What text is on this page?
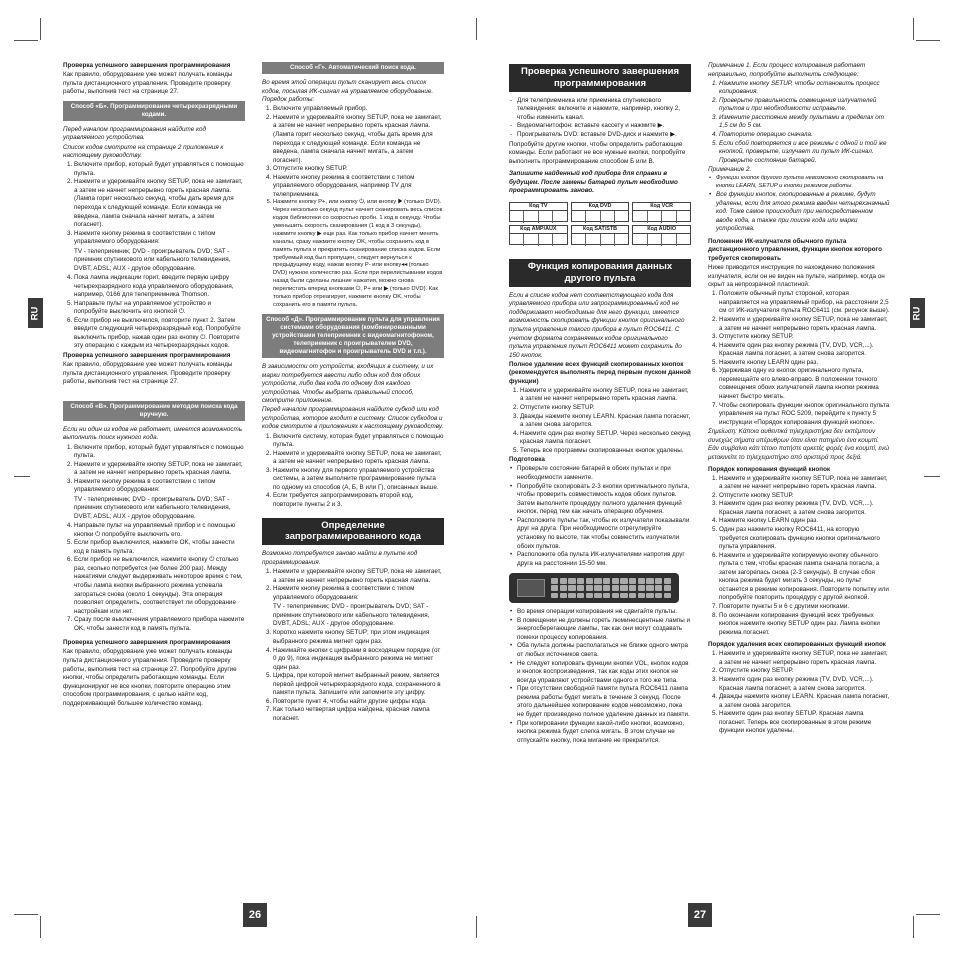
RU	RU
26	27

Проверка успешного завершения программирования

Как правило, оборудование уже может получать команды пульта дистанционного управления. Проведите проверку работы, выполнив тест на странице 27.

Способ «Б». Программирование четырехразрядными кодами.

Перед началом программирования найдите код управляемого устройства.

Список кодов смотрите на странице 2 приложения к настоящему руководству.

1. Включите прибор, который будет управляться с помощью пульта.
2. Нажмите и удерживайте кнопку SETUP, пока не замигает, а затем не начнет непрерывно гореть красная лампа. (Лампа горит несколько секунд, чтобы дать время для перехода к следующей команде. Если команда не введена, лампа сначала начнет мигать, а затем погаснет).
3. Нажмите кнопку режима в соответствии с типом управляемого оборудования:

TV - телеприемник; DVD - проигрыватель DVD; SAT - приемник спутникового или кабельного телевидения, DVBT, ADSL; AUX - другое оборудование.

4. Пока лампа индикации горит, введите первую цифру четырехразрядного кода управляемого оборудования, например, 0166 для телеприемника Thomson.
5. Направьте пульт на управляемое устройство и попробуйте выключить его кнопкой ⏻.
6. Если прибор не выключился, повторите пункт 2. Затем введите следующий четырехразрядный код. Попробуйте выключить прибор, нажав один раз кнопку ⏻. Повторите эту операцию с каждым из четырехразрядных кодов.

Проверка успешного завершения программирования

Как правило, оборудование уже может получать команды пульта дистанционного управления. Проведите проверку работы, выполнив тест на странице 27.

Способ «В». Программирование методом поиска кода вручную.

Если ни один из кодов не работает, имеется возможность выполнить поиск нужного кода.

1. Включите прибор, который будет управляться с помощью пульта.
2. Нажмите и удерживайте кнопку SETUP, пока не замигает, а затем не начнет непрерывно гореть красная лампа.
3. Нажмите кнопку режима в соответствии с типом управляемого оборудования:

TV - телеприемник; DVD - проигрыватель DVD; SAT - приемник спутникового или кабельного телевидения, DVBT, ADSL; AUX - другое оборудование.

4. Направьте пульт на управляемый прибор и с помощью кнопки ⏻ попробуйте выключить его.
5. Если прибор выключился, нажмите OK, чтобы занести код в память пульта.
6. Если прибор не выключился, нажмите кнопку ⏻ столько раз, сколько потребуется (не более 200 раз). Между нажатиями следует выдерживать некоторое время с тем, чтобы лампа кнопки выбранного режима успевала загораться снова (около 1 секунды). Эта операция позволяет определить, соответствует ли оборудование настройкам или нет.
7. Сразу после выключения управляемого прибора нажмите OK, чтобы занести код в память пульта.

Проверка успешного завершения программирования

Как правило, оборудование уже может получать команды пульта дистанционного управления. Проведите проверку работы, выполнив тест на странице 27. Попробуйте другие кнопки, чтобы определить работающие команды. Если функционируют не все кнопки, повторите операцию этим способом программирования, с целью найти код, поддерживающий большее количество команд.

Способ «Г». Автоматический поиск кода.

Во время этой операции пульт сканирует весь список кодов, посылая ИК-сигнал на управляемое оборудование. Порядок работы:

1. Включите управляемый прибор.
2. Нажмите и удерживайте кнопку SETUP, пока не замигает, а затем не начнет непрерывно гореть красная лампа. (Лампа горит несколько секунд, чтобы дать время для перехода к следующей команде. Если команда не введена, лампа сначала начнет мигать, а затем погаснет).
3. Отпустите кнопку SETUP.
4. Нажмите кнопку режима в соответствии с типом управляемого оборудования, например TV для телеприемника.
5. Нажмите кнопку P+, или кнопку ⏻, или кнопку ▶ (только DVD). Через несколько секунд пульт начнет сканировать весь список кодов библиотеки со скоростью пробн. 1 код в секунду. Чтобы уменьшить скорость сканирования (1 код в 3 секунды), нажмите кнопку ▶ еще раз. Как только прибор начнет менять каналы, сразу нажмите кнопку OK, чтобы сохранить код в память пульта и прекратить сканирование списка кодов. Если требуемый код был пропущен, следует вернуться к предыдущему коду, нажав кнопку P- или кнопку◂◂ (только DVD) нужное количество раз. Если при перелистывании кодов назад были сделаны лишние нажатия, можно снова перелистать вперед кнопками ⏻, P+ или ▶ (только DVD). Как только прибор отреагирует, нажмите кнопку OK, чтобы сохранить его в памяти пульта.
Способ «Д». Программирование пульта для управления системами оборудования (комбинированными устройствами телеприемник с видеомагнитофоном, телеприемник с проигрывателем DVD, видеомагнитофон и проигрыватель DVD и т.п.).

В зависимости от устройств, входящих в систему, и их марки потребуется ввести либо один код для обоих устройств, либо два кода по одному для каждого устройства. Чтобы выбрать правильный способ, смотрите приложение.

Перед началом программирования найдите субкод или код устройства, которое входит в систему. Список субкодов и кодов смотрите в приложениях к настоящему руководству.

1. Включите систему, которая будет управляться с помощью пульта.
2. Нажмите и удерживайте кнопку SETUP, пока не замигает, а затем не начнет непрерывно гореть красная лампа.
3. Нажмите кнопку для первого управляемого устройства системы, а затем выполните программирование пульта по одному из способов (А, Б, В или Г), описанных выше.
4. Если требуется запрограммировать второй код, повторите пункты 2 и 3.
Определение запрограммированного кода

Возможно потребуется заново найти в пульте код программирования.

1. Нажмите и удерживайте кнопку SETUP, пока не замигает, а затем не начнет непрерывно гореть красная лампа.
2. Нажмите кнопку режима в соответствии с типом управляемого оборудования:

TV - телеприемник; DVD - проигрыватель DVD; SAT - приемник спутникового или кабельного телевидения, DVBT, ADSL; AUX - другое оборудование.

3. Коротко нажмите кнопку SETUP; при этом индикация выбранного режима мигнет один раз.
4. Нажимайте кнопки с цифрами в восходящем порядке (от 0 до 9), пока индикация выбранного режима не мигнет один раз.
5. Цифра, при которой мигнет выбранный режим, является первой цифрой четырехразрядного кода, сохраненного в памяти пульта. Запишите или запомните эту цифру.
6. Повторите пункт 4, чтобы найти другие цифры кода.
7. Как только четвертая цифра найдена, красная лампа погаснет.
Проверка успешного завершения программирования
- Для телеприемника или приемника спутникового телевидения: включите и нажмите, например, кнопку 2, чтобы изменить канал.
- Видеомагнитофон: вставьте кассету и нажмите ▶.
- Проигрыватель DVD: вставьте DVD-диск и нажмите ▶.

Попробуйте другие кнопки, чтобы определить работающие команды. Если работают не все нужные кнопки, попробуйте выполнить программирование способом Б или В.

Запишите найденный код прибора для справки в будущем. После замены батарей пульт необходимо программировать заново.

Код TV	Код DVD	Код VCR
Код AMP/AUX	Код SAT/STB	Код AUDIO
Функция копирования данных другого пульта

Если в списке кодов нет соответствующего кода для управляемого прибора или запрограммированный код не поддерживает необходимые для него функции, имеется возможность скопировать функции кнопок оригинального пульта управления такого прибора в пульт ROC6411. С учетом формата сохраняемых кодов оригинального пульта управления пульт ROC6411 может сохранить до 150 кнопок.

Полное удаление всех функций скопированных кнопок (рекомендуется выполнять перед первым пуском данной функции)

1. Нажмите и удерживайте кнопку SETUP, пока не замигает, а затем не начнет непрерывно гореть красная лампа.
2. Отпустите кнопку SETUP.
3. Дважды нажмите кнопку LEARN. Красная лампа погаснет, а затем снова загорится.
4. Нажмите один раз кнопку SETUP. Через несколько секунд красная лампа погаснет.
5. Теперь все программы скопированных кнопок удалены.

Подготовка

• Проверьте состояние батарей в обоих пультах и при необходимости замените.
• Попробуйте скопировать 2-3 кнопки оригинального пульта, чтобы проверить совместимость кодов обоих пультов. Затем выполните процедуру полного удаления функций кнопок, перед тем как начать операцию обучения.
• Расположите пульты так, чтобы их излучатели показывали друг на друга. При необходимости отрегулируйте установку по высоте, так чтобы совместить излучатели обоих пультов.
• Расположите оба пульта ИК-излучателями напротив друг друга на расстоянии 15-50 мм.
• Во время операции копирования не сдвигайте пульты.
• В помещении не должны гореть люминесцентные лампы и энергосберегающие лампы, так как они могут создавать помехи процессу копирования.
• Оба пульта должны располагаться не ближе одного метра от любых источников света.
• Не следует копировать функции кнопки VOL, кнопок кодов и кнопок воспроизведения, так как коды этих кнопок не всегда управляют устройствами одного и того же типа.
• При отсутствии свободной памяти пульта ROC6411 лампа режима работы будет мигать в течение 3 секунд. После этого дальнейшее копирование кодов невозможно, пока не будет произведено полное удаление данных из памяти.
• При копировании функции какой-либо кнопки, возможно, кнопка режима будет слегка мигать. В этом случае не отпускайте кнопку, пока мигание не прекратится.

Примечание 1. Если процесс копирования работает неправильно, попробуйте выполнить следующее:

1. Нажмите кнопку SETUP, чтобы остановить процесс копирования.
2. Проверьте правильность совмещения излучателей пультов и при необходимости исправьте.
3. Измените расстояние между пультами в пределах от 1,5 см до 5 см.
4. Повторите операцию сначала.
5. Если сбой повторяется и все режимы с одной и той же кнопкой, проверьте, излучает ли пульт ИК-сигнал. Проверьте состояние батарей.

Примечание 2.

• Функции кнопок другого пульта невозможно скопировать на кнопки LEARN, SETUP и кнопки режимов работы.
• Все функции кнопок, скопированные в режиме, будут удалены, если для этого режима введен четырехзначный код. Тоже самое происходит при непосредственном вводе кода, а также при поиске кода или марки устройства.

Положение ИК-излучателя обычного пульта дистанционного управления, функции кнопок которого требуется скопировать

Ниже приводится инструкция по нахождению положения излучателя, если он не виден на пульте, например, когда он скрыт за непрозрачной пластиной.

1. Положите обычный пульт стороной, которая направляется на управляемый прибор, на расстоянии 2,5 см от ИК-излучателя пульта ROC6411 (см. рисунок выше).
2. Нажмите и удерживайте кнопку SETUP, пока не замигает, а затем не начнет непрерывно гореть красная лампа.
3. Отпустите кнопку SETUP.
4. Нажмите один раз кнопку режима (TV, DVD, VCR,...). Красная лампа погаснет, а затем снова загорится.
5. Нажмите кнопку LEARN один раз.
6. Удерживая одну из кнопок оригинального пульта, перемещайте его влево-вправо. В положении точного совмещения обоих излучателей лампа кнопки режима начнет быстро мигать.
7. Чтобы скопировать функции кнопок оригинального пульта управления на пульт ROC 5209, перейдите к пункту 5 инструкции «Порядок копирования функций кнопок».

Σημείωση: Κάποια αυθεντικά τηλεχειριστήρια δεν εκπέμπουν συνεχώς σήματα υπέρυθρων όταν είναι πατημένο ένα κουμπί. Εάν συμβαίνει κάτι τέτοιο πατήστε αρκετές φορές ένα κουμπί, ενώ μετακινείτε το τηλεχειριστήριο από αριστερά προς δεξιά.

Порядок копирования функций кнопок

1. Нажмите и удерживайте кнопку SETUP, пока не замигает, а затем не начнет непрерывно гореть красная лампа.
2. Отпустите кнопку SETUP.
3. Нажмите один раз кнопку режима (TV, DVD, VCR,...). Красная лампа погаснет, а затем снова загорится.
4. Нажмите кнопку LEARN один раз.
5. Один раз нажмите кнопку ROC6411, на которую требуется скопировать функцию кнопки оригинального пульта управления.
6. Нажмите и удерживайте копируемую кнопку обычного пульта с тем, чтобы красная лампа сначала погасла, а затем загорелась снова (2-3 секунды). В случае сбоя кнопка режима будет мигать 3 секунды, но пульт останется в режиме копирования. Повторите попытку или попробуйте повторить процедуру с другой кнопкой.
7. Повторите пункты 5 и 6 с другими кнопками.
8. По окончании копирования функций всех требуемых кнопок нажмите кнопку SETUP один раз. Лампа кнопки режима погаснет.

Порядок удаления всех скопированных функций кнопок

1. Нажмите и удерживайте кнопку SETUP, пока не замигает, а затем не начнет непрерывно гореть красная лампа.
2. Отпустите кнопку SETUP.
3. Нажмите один раз кнопку режима (TV, DVD, VCR,...). Красная лампа погаснет, а затем снова загорится.
4. Дважды нажмите кнопку LEARN. Красная лампа погаснет, а затем снова загорится.
5. Нажмите один раз кнопку SETUP. Красная лампа погаснет. Теперь все скопированные в этом режиме функции кнопок удалены.
